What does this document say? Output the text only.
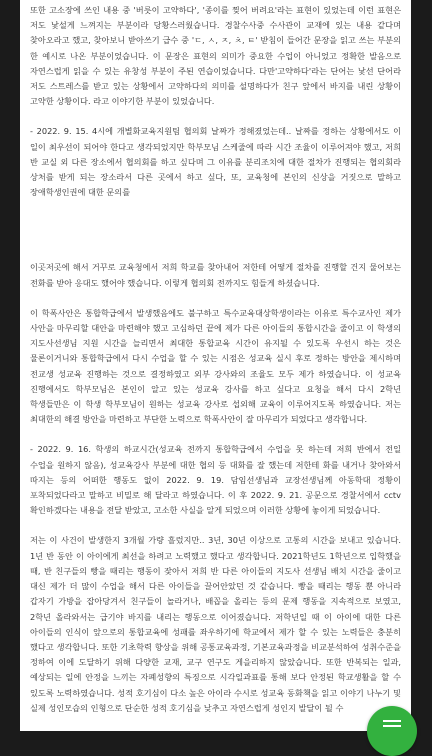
또한 고소장에 쓰인 내용 중 '버릇이 고약하다', '종이를 찢어 버려요'라는 표현이 있었는데 이런 표현은 저도 낯설게 느껴지는 부분이라 당황스러웠습니다. 경찰수사중 수사관이 교재에 있는 내용 같다며 찾아오라고 했고, 찾아보니 받아쓰기 급수 중 'ㄷ, ㅅ, ㅈ, ㅊ, ㅌ' 받침이 들어간 문장을 읽고 쓰는 부분의 한 예시로 나온 부분이었습니다. 이 문장은 표현의 의미가 중요한 수업이 아니었고 정확한 발음으로 자연스럽게 읽을 수 있는 유창성 부분이 주된 연습이었습니다. 다만'고약하다'라는 단어는 낯선 단어라 저도 스트레스를 받고 있는 상황에서 고약하다의 의미를 설명하다가 친구 앞에서 바지를 내린 상황이 고약한 상황이다. 라고 이야기한 부분이 있었습니다.

- 2022. 9. 15. 4시에 개별화교육지원팀 협의회 날짜가 정해졌었는데.. 날짜를 정하는 상황에서도 이 일이 최우선이 되어야 한다고 생각되었지만 학부모님 스케줄에 따라 시간 조율이 이루어져야 했고, 저희 반 교실 외 다른 장소에서 협의회를 하고 싶다며 그 이유를 분리조치에 대한 절차가 진행되는 협의회라 상처를 받게 되는 장소라서 다른 곳에서 하고 싶다, 또, 교육청에 본인의 신상을 거짓으로 말하고 장애학생인권에 대한 문의를

이곳저곳에 해서 거꾸로 교육청에서 저희 학교를 찾아내어 저한테 어떻게 절차를 진행할 건지 물어보는 전화를 받아 응대도 했어야 했습니다. 이렇게 협의회 전까지도 힘들게 하셨습니다.

이 학폭사안은 통합학급에서 발생했음에도 불구하고 특수교육대상학생이라는 이유로 특수교사인 제가 사안을 마무리할 대안을 마련해야 했고 고심하던 끝에 제가 다른 아이들의 통합시간을 줄이고 이 학생의 지도사선생님 지원 시간을 늘리면서 최대한 통합교육 시간이 유지될 수 있도록 우선시 하는 것은 물론이거니와 통합학급에서 다시 수업을 할 수 있는 시점은 성교육 실시 후로 정하는 방안을 제시하며 전교생 성교육 진행하는 것으로 결정하였고 외부 강사와의 조율도 모두 제가 하였습니다. 이 성교육 진행에서도 학부모님은 본인이 알고 있는 성교육 강사를 하고 싶다고 요청을 해서 다시 2학년 학생들만은 이 학생 학부모님이 원하는 성교육 강사로 섭외해 교육이 이루어지도록 하였습니다. 저는 최대한의 해결 방안을 마련하고 부단한 노력으로 학폭사안이 잘 마무리가 되었다고 생각합니다.

- 2022. 9. 16. 학생의 하교시간(성교육 전까지 통합학급에서 수업을 못 하는데 저희 반에서 전일 수업을 원하지 않음), 성교육강사 부분에 대한 협의 등 대화를 잘 했는데 저한테 화를 내거나 찾아와서 따지는 등의 어떠한 행동도 없이 2022. 9. 19. 담임선생님과 교장선생님께 아동학대 정황이 포착되었다라고 말하고 비밀로 해 달라고 하였습니다. 이 후 2022. 9. 21. 공문으로 경찰서에서 cctv 확인하겠다는 내용을 전달 받았고, 고소한 사실을 알게 되었으며 이러한 상황에 놓이게 되었습니다.

저는 이 사건이 발생한지 3개월 가량 흘렀지만.. 3년, 30년 이상으로 고통의 시간을 보내고 있습니다. 1년 반 동안 이 아이에게 최선을 하려고 노력했고 했다고 생각합니다. 2021학년도 1학년으로 입학했을 때, 반 친구들의 빵을 때리는 행동이 잦아서 저희 반 다른 아이들의 지도사 선생님 배치 시간을 줄이고 대신 제가 더 많이 수업을 해서 다른 아이들을 끌어안았던 것 같습니다. 빵을 때리는 행동 뿐 아니라 갑자기 가방을 잡아당겨서 친구들이 놀라거나, 배꼽을 올리는 등의 문제 행동을 지속적으로 보였고, 2학년 올라와서는 급기야 바지를 내리는 행동으로 이어졌습니다. 저학년일 때 이 아이에 대한 다른 아이들의 인식이 앞으로의 통합교육에 성패를 좌우하기에 학교에서 제가 할 수 있는 노력들은 충분히 했다고 생각합니다. 또한 기초학력 향상을 위해 공통교육과정, 기본교육과정을 비교분석하여 성취수준을 정하여 이에 도달하기 위해 다양한 교재, 교구 연구도 게을리하지 않았습니다. 또한 반복되는 일과, 예상되는 일에 안정을 느끼는 자폐성향의 특징으로 시각일과표를 통해 보다 안정된 학교생활을 할 수 있도록 노력하였습니다. 성적 호기심이 다소 높은 아이라 수시로 성교육 동화책을 읽고 이야기 나누기 및 실제 성인모습의 인형으로 단순한 성적 호기심을 낮추고 자연스럽게 성인지 발달이 될 수
